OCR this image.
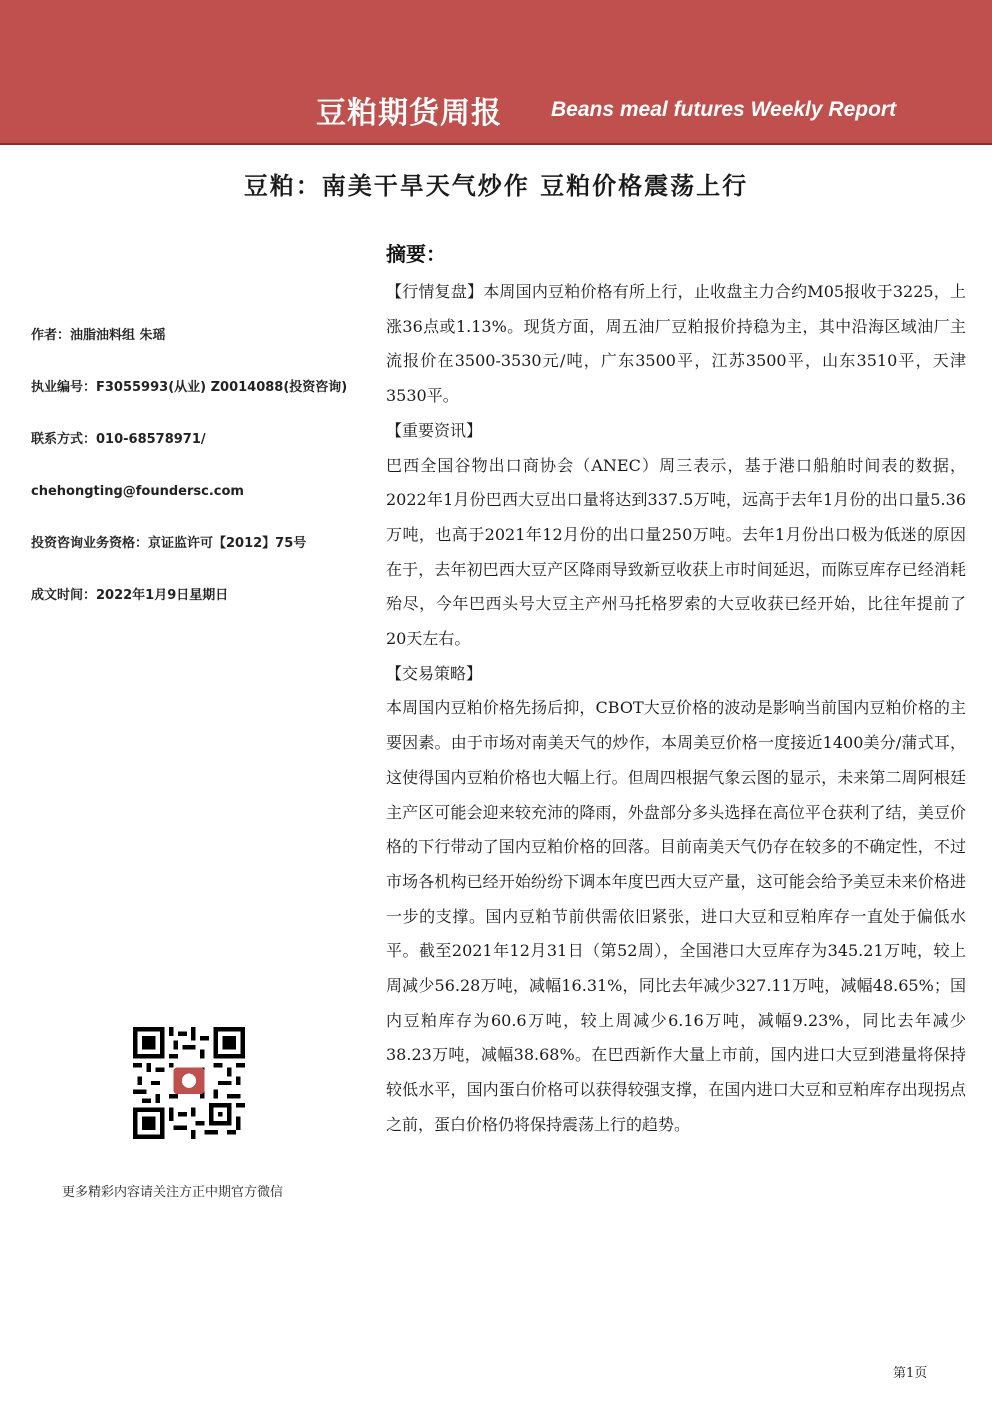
豆粕期货周报 Beans meal futures Weekly Report
豆粕：南美干旱天气炒作 豆粕价格震荡上行
作者：油脂油料组 朱瑶
执业编号：F3055993(从业) Z0014088(投资咨询)
联系方式：010-68578971/
chehongting@foundersc.com
投资咨询业务资格：京证监许可【2012】75号
成文时间：2022年1月9日星期日
更多精彩内容请关注方正中期官方微信
摘要：

【行情复盘】本周国内豆粕价格有所上行，止收盘主力合约M05报收于3225，上涨36点或1.13%。现货方面，周五油厂豆粕报价持稳为主，其中沿海区域油厂主流报价在3500-3530元/吨，广东3500平，江苏3500平，山东3510平，天津3530平。

【重要资讯】

巴西全国谷物出口商协会（ANEC）周三表示，基于港口船舶时间表的数据，2022年1月份巴西大豆出口量将达到337.5万吨，远高于去年1月份的出口量5.36万吨，也高于2021年12月份的出口量250万吨。去年1月份出口极为低迷的原因在于，去年初巴西大豆产区降雨导致新豆收获上市时间延迟，而陈豆库存已经消耗殆尽，今年巴西头号大豆主产州马托格罗索的大豆收获已经开始，比往年提前了20天左右。

【交易策略】

本周国内豆粕价格先扬后抑，CBOT大豆价格的波动是影响当前国内豆粕价格的主要因素。由于市场对南美天气的炒作，本周美豆价格一度接近1400美分/蒲式耳，这使得国内豆粕价格也大幅上行。但周四根据气象云图的显示，未来第二周阿根廷主产区可能会迎来较充沛的降雨，外盘部分多头选择在高位平仓获利了结，美豆价格的下行带动了国内豆粕价格的回落。目前南美天气仍存在较多的不确定性，不过市场各机构已经开始纷纷下调本年度巴西大豆产量，这可能会给予美豆未来价格进一步的支撑。国内豆粕节前供需依旧紧张，进口大豆和豆粕库存一直处于偏低水平。截至2021年12月31日（第52周），全国港口大豆库存为345.21万吨，较上周减少56.28万吨，减幅16.31%，同比去年减少327.11万吨，减幅48.65%；国内豆粕库存为60.6万吨，较上周减少6.16万吨，减幅9.23%，同比去年减少38.23万吨，减幅38.68%。在巴西新作大量上市前，国内进口大豆到港量将保持较低水平，国内蛋白价格可以获得较强支撑，在国内进口大豆和豆粕库存出现拐点之前，蛋白价格仍将保持震荡上行的趋势。

第1页
